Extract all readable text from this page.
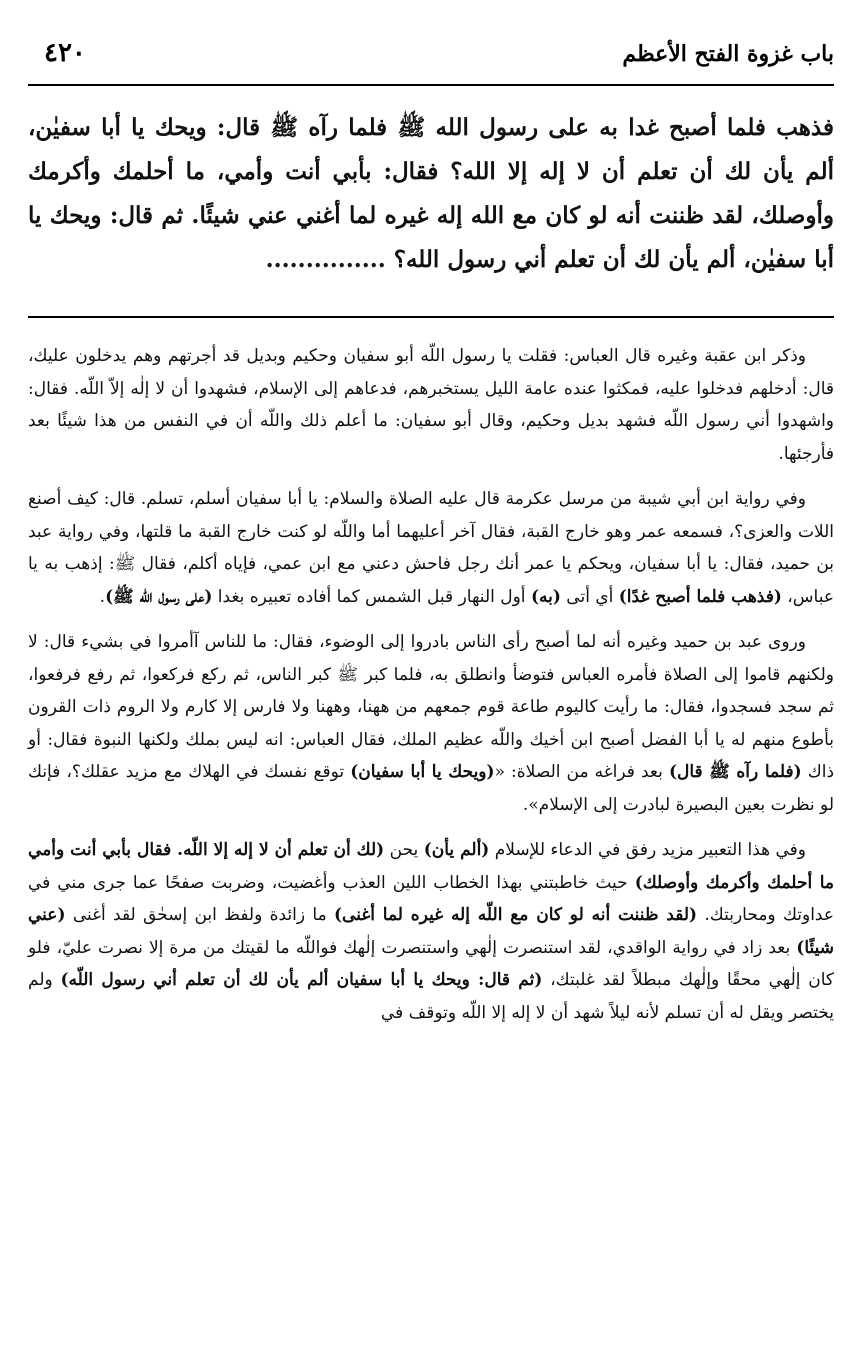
باب غزوة الفتح الأعظم
٤٢٠

فذهب فلما أصبح غدا به على رسول الله ﷺ فلما رآه ﷺ قال: ويحك يا أبا سفيٰن، ألم يأن لك أن تعلم أن لا إله إلا الله؟ فقال: بأبي أنت وأمي، ما أحلمك وأكرمك وأوصلك، لقد ظننت أنه لو كان مع الله إله غيره لما أغني عني شيئًا. ثم قال: ويحك يا أبا سفيٰن، ألم يأن لك أن تعلم أني رسول الله؟ ...............

وذكر ابن عقبة وغيره قال العباس: فقلت يا رسول اللّه أبو سفيان وحكيم وبديل قد أجرتهم وهم يدخلون عليك، قال: أدخلهم فدخلوا عليه، فمكثوا عنده عامة الليل يستخبرهم، فدعاهم إلى الإسلام، فشهدوا أن لا إلٰه إلاّ اللّه. فقال: واشهدوا أني رسول اللّه فشهد بديل وحكيم، وقال أبو سفيان: ما أعلم ذلك واللّه أن في النفس من هذا شيئًا بعد فأرجئها.

وفي رواية ابن أبي شيبة من مرسل عكرمة قال عليه الصلاة والسلام: يا أبا سفيان أسلم، تسلم. قال: كيف أصنع اللات والعزى؟، فسمعه عمر وهو خارج القبة، فقال آخر أعليهما أما واللّه لو كنت خارج القبة ما قلتها، وفي رواية عبد بن حميد، فقال: يا أبا سفيان، ويحكم يا عمر أنك رجل فاحش دعني مع ابن عمي، فإياه أكلم، فقال ﷺ: إذهب به يا عباس، (فذهب فلما أصبح غدًا) أي أتى (به) أول النهار قبل الشمس كما أفاده تعبيره بغدا (على رسول اللّه ﷺ).

وروى عبد بن حميد وغيره أنه لما أصبح رأى الناس بادروا إلى الوضوء، فقال: ما للناس آأمروا في بشيء قال: لا ولكنهم قاموا إلى الصلاة فأمره العباس فتوضأ وانطلق به، فلما كبر ﷺ كبر الناس، ثم ركع فركعوا، ثم رفع فرفعوا، ثم سجد فسجدوا، فقال: ما رأيت كاليوم طاعة قوم جمعهم من ههنا، وههنا ولا فارس إلا كارم ولا الروم ذات القرون بأطوع منهم له يا أبا الفضل أصبح ابن أخيك واللّه عظيم الملك، فقال العباس: انه ليس بملك ولكنها النبوة فقال: أو ذاك (فلما رآه ﷺ قال) بعد فراغه من الصلاة: «(ويحك يا أبا سفيان) توقع نفسك في الهلاك مع مزيد عقلك؟، فإنك لو نظرت بعين البصيرة لبادرت إلى الإسلام».

وفي هذا التعبير مزيد رفق في الدعاء للإسلام (ألم يأن) يحن (لك أن تعلم أن لا إله إلا اللّه. فقال بأبي أنت وأمي ما أحلمك وأكرمك وأوصلك) حيث خاطبتني بهذا الخطاب اللين العذب وأغضيت، وضربت صفحًا عما جرى مني في عداوتك ومحاربتك. (لقد ظننت أنه لو كان مع اللّه إله غيره لما أغنى) ما زائدة ولفظ ابن إسحٰق لقد أغنى (عني شيئًا) بعد زاد في رواية الواقدي، لقد استنصرت إلٰهي واستنصرت إلٰهك فواللّه ما لقيتك من مرة إلا نصرت عليّ، فلو كان إلٰهي محقًا وإلٰهك مبطلاً لقد غلبتك، (ثم قال: ويحك يا أبا سفيان ألم يأن لك أن تعلم أني رسول اللّه) ولم يختصر ويقل له أن تسلم لأنه ليلاً شهد أن لا إله إلا اللّه وتوقف في
